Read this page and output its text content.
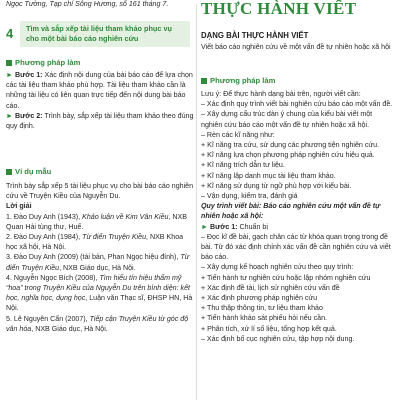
Ngọc Tường, Tạp chí Sông Hương, số 161 tháng 7.
4	Tìm và sắp xếp tài liệu tham khảo phục vụ cho một bài báo cáo nghiên cứu
Phương pháp làm

► Bước 1: Xác định nội dung của bài báo cáo để lựa chọn các tài liệu tham khảo phù hợp. Tài liệu tham khảo cần là những tài liệu có liên quan trực tiếp đến nội dung bài báo cáo.

► Bước 2: Trình bày, sắp xếp tài liệu tham khảo theo đúng quy định.

Ví dụ mẫu

Trình bày sắp xếp 5 tài liệu phục vụ cho bài báo cáo nghiên cứu về Truyện Kiều của Nguyễn Du.

Lời giải

1. Đào Duy Anh (1943), Khảo luận về Kim Vân Kiều, NXB Quan Hải tùng thư, Huế.

2. Đào Duy Anh (1984), Từ điển Truyện Kiều, NXB Khoa học xã hội, Hà Nội.

3. Đào Duy Anh (2009) (tái bản, Phan Ngọc hiệu đính), Từ điển Truyện Kiều, NXB Giáo dục, Hà Nội.

4. Nguyễn Ngọc Bích (2008), Tìm hiểu tín hiệu thẩm mỹ “hoa” trong Truyện Kiều của Nguyễn Du trên bình diện: kết học, nghĩa học, dụng học, Luận văn Thạc sĩ, ĐHSP HN, Hà Nội.

5. Lê Nguyên Cẩn (2007), Tiếp cận Truyện Kiều từ góc độ văn hóa, NXB Giáo dục, Hà Nội.

THỰC HÀNH VIẾT
DẠNG BÀI THỰC HÀNH VIẾT

Viết báo cáo nghiên cứu về một vấn đề tự nhiên hoặc xã hội

Phương pháp làm

Lưu ý: Để thực hành dạng bài trên, người viết cần:

– Xác định quy trình viết bài nghiên cứu báo cáo một vấn đề.

– Xây dựng cấu trúc dàn ý chung của kiểu bài viết một nghiên cứu báo cáo một vấn đề tự nhiên hoặc xã hội.

– Rèn các kĩ năng như:

+ Kĩ năng tra cứu, sử dụng các phương tiện nghiên cứu.

+ Kĩ năng lựa chọn phương pháp nghiên cứu hiệu quả.

+ Kĩ năng trích dẫn tư liệu.

+ Kĩ năng lập danh mục tài liệu tham khảo.

+ Kĩ năng sử dụng từ ngữ phù hợp với kiểu bài.

– Vận dụng, kiểm tra, đánh giá

Quy trình viết bài: Báo cáo nghiên cứu một vấn đề tự nhiên hoặc xã hội:

► Bước 1: Chuẩn bị

– Đọc kĩ đề bài, gạch chân các từ khóa quan trọng trong đề bài. Từ đó xác định chính xác vấn đề cần nghiên cứu và viết báo cáo.

– Xây dựng kế hoạch nghiên cứu theo quy trình:

+ Tiến hành tư nghiên cứu hoặc lập nhóm nghiên cứu

+ Xác định đề tài, lịch sử nghiên cứu vấn đề

+ Xác định phương pháp nghiên cứu

+ Thu thập thông tin, tư liệu tham khảo

+ Tiến hành khảo sát phiếu hỏi nếu cần.

+ Phân tích, xử lí số liệu, tổng hợp kết quả.

– Xác định bố cục nghiên cứu, tập hợp nội dung.
